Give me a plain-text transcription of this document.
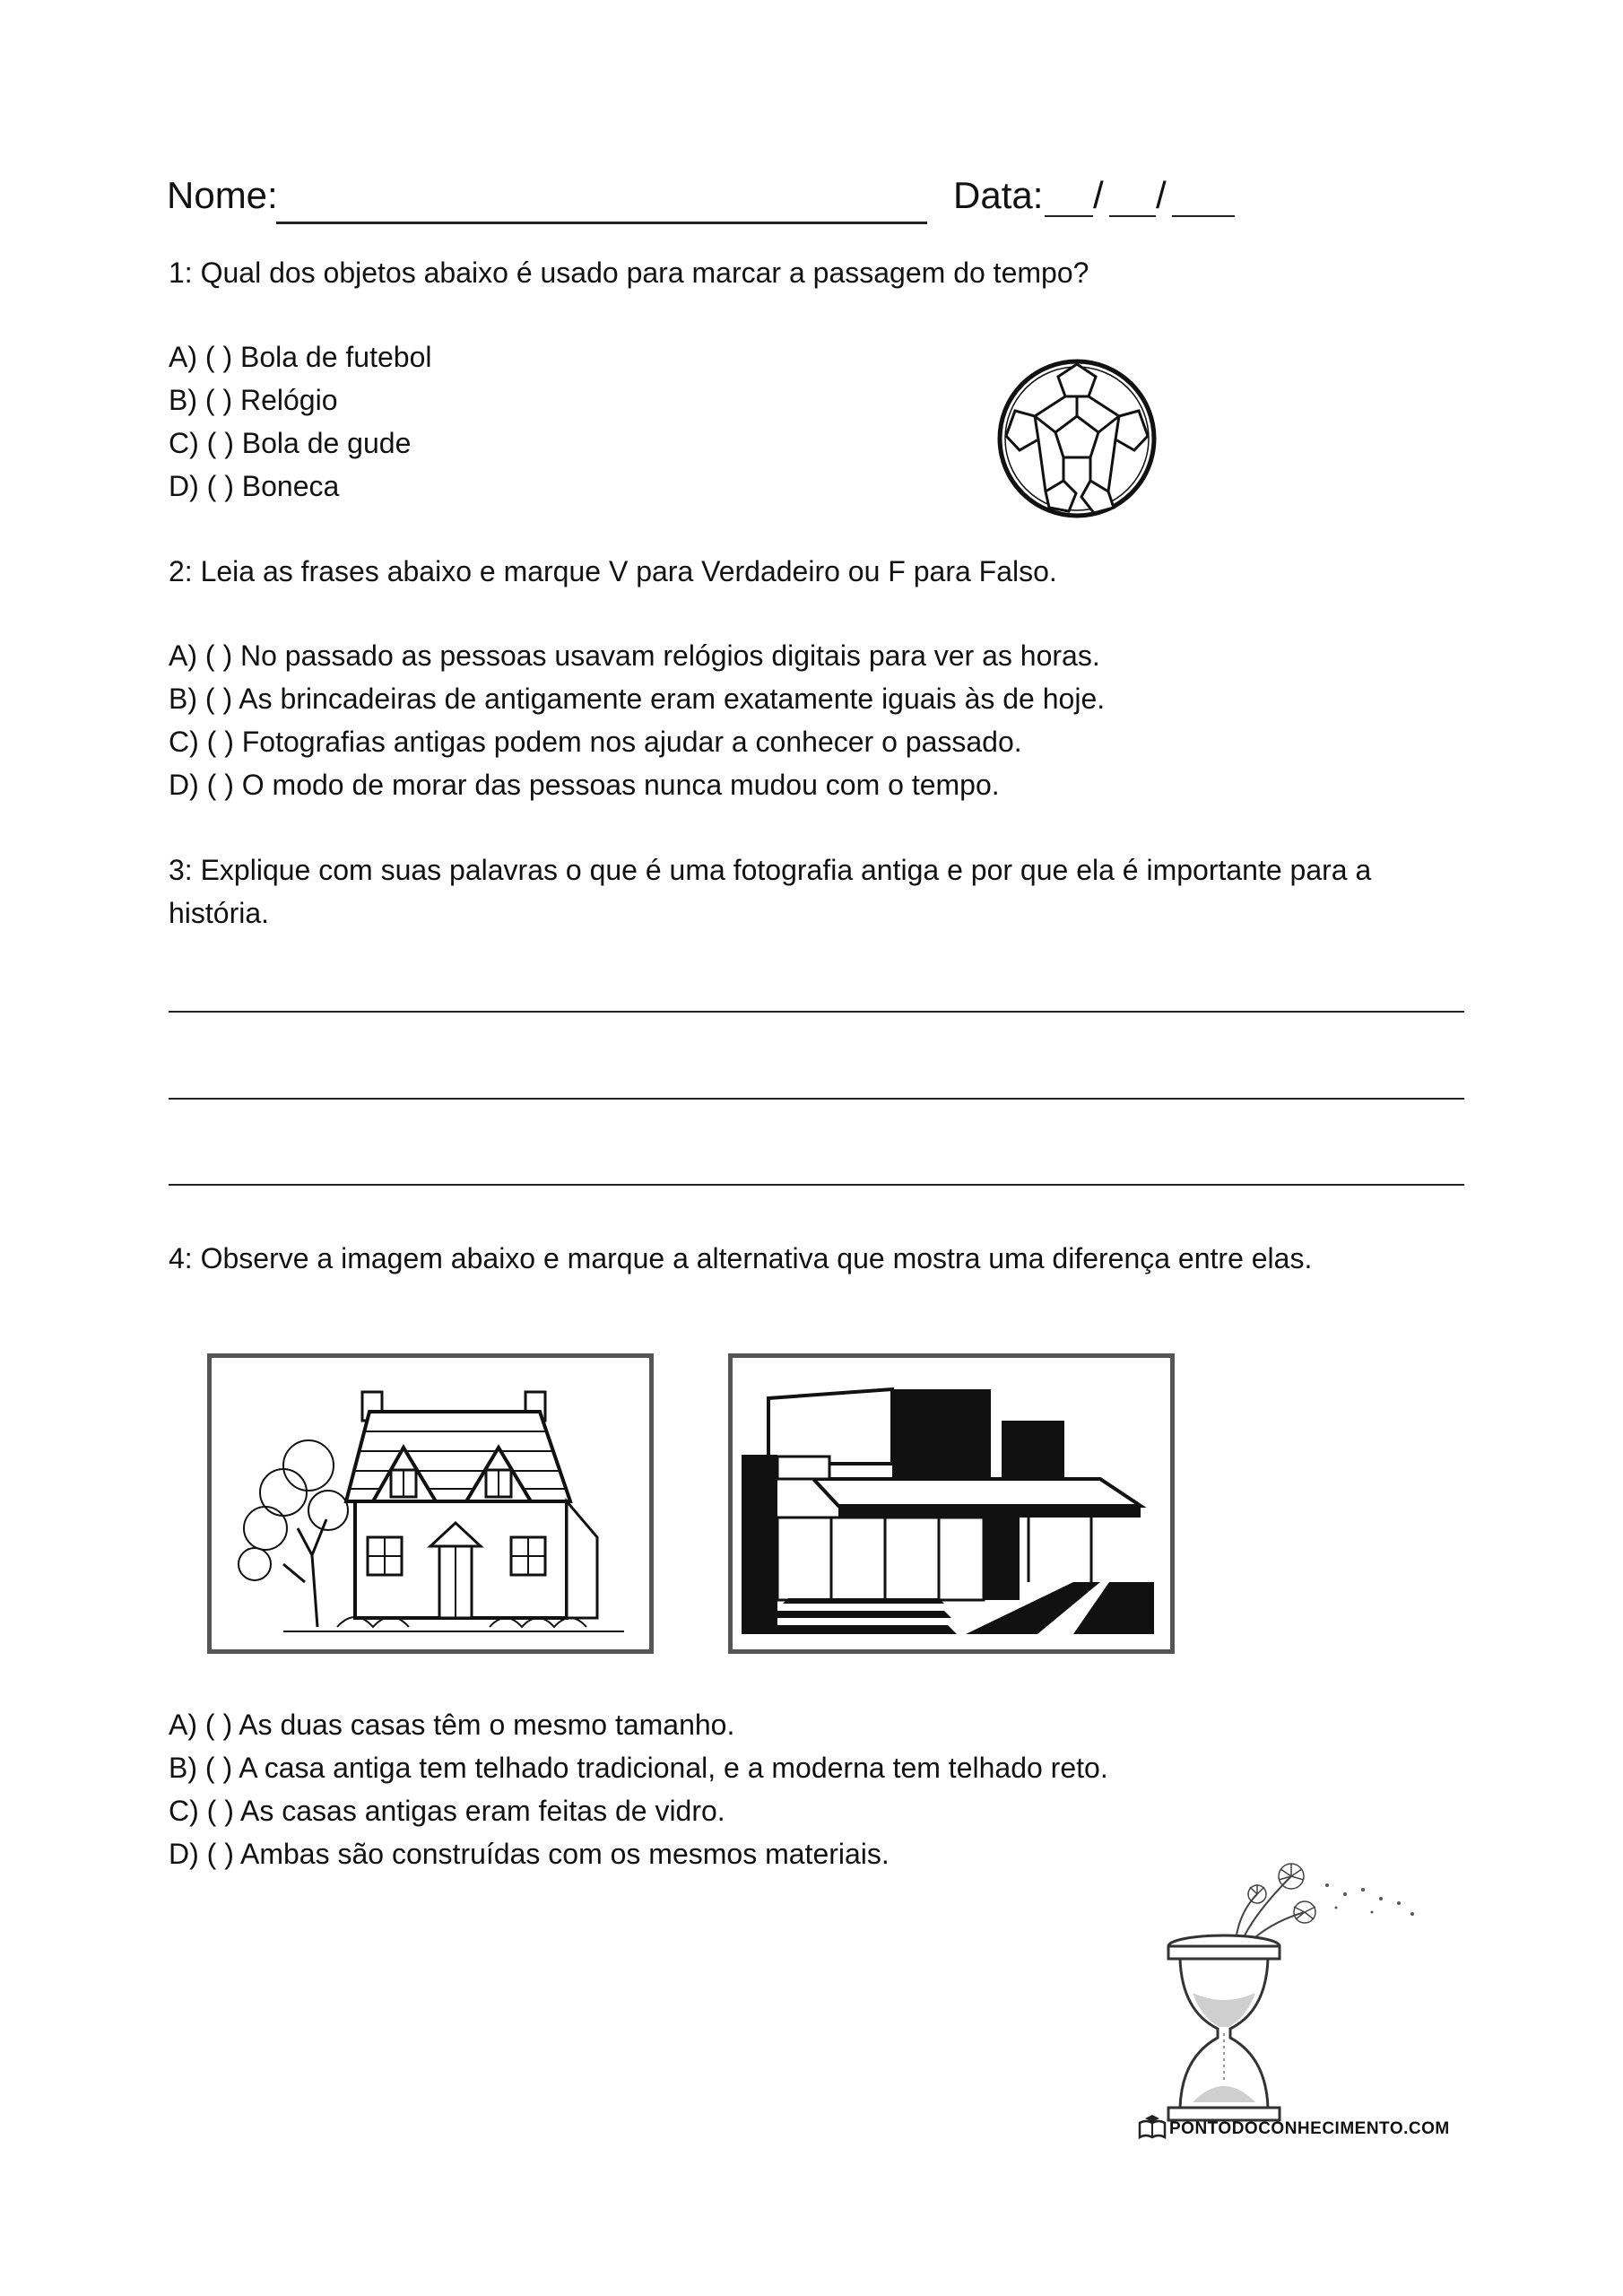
Nome:	Data: / /
1: Qual dos objetos abaixo é usado para marcar a passagem do tempo?
A) ( ) Bola de futebol
B) ( ) Relógio
C) ( ) Bola de gude
D) ( ) Boneca
2: Leia as frases abaixo e marque V para Verdadeiro ou F para Falso.
A) ( ) No passado as pessoas usavam relógios digitais para ver as horas.
B) ( ) As brincadeiras de antigamente eram exatamente iguais às de hoje.
C) ( ) Fotografias antigas podem nos ajudar a conhecer o passado.
D) ( ) O modo de morar das pessoas nunca mudou com o tempo.
3: Explique com suas palavras o que é uma fotografia antiga e por que ela é importante para a
história.
4: Observe a imagem abaixo e marque a alternativa que mostra uma diferença entre elas.
A) ( ) As duas casas têm o mesmo tamanho.
B) ( ) A casa antiga tem telhado tradicional, e a moderna tem telhado reto.
C) ( ) As casas antigas eram feitas de vidro.
D) ( ) Ambas são construídas com os mesmos materiais.
PONTODOCONHECIMENTO.COM
